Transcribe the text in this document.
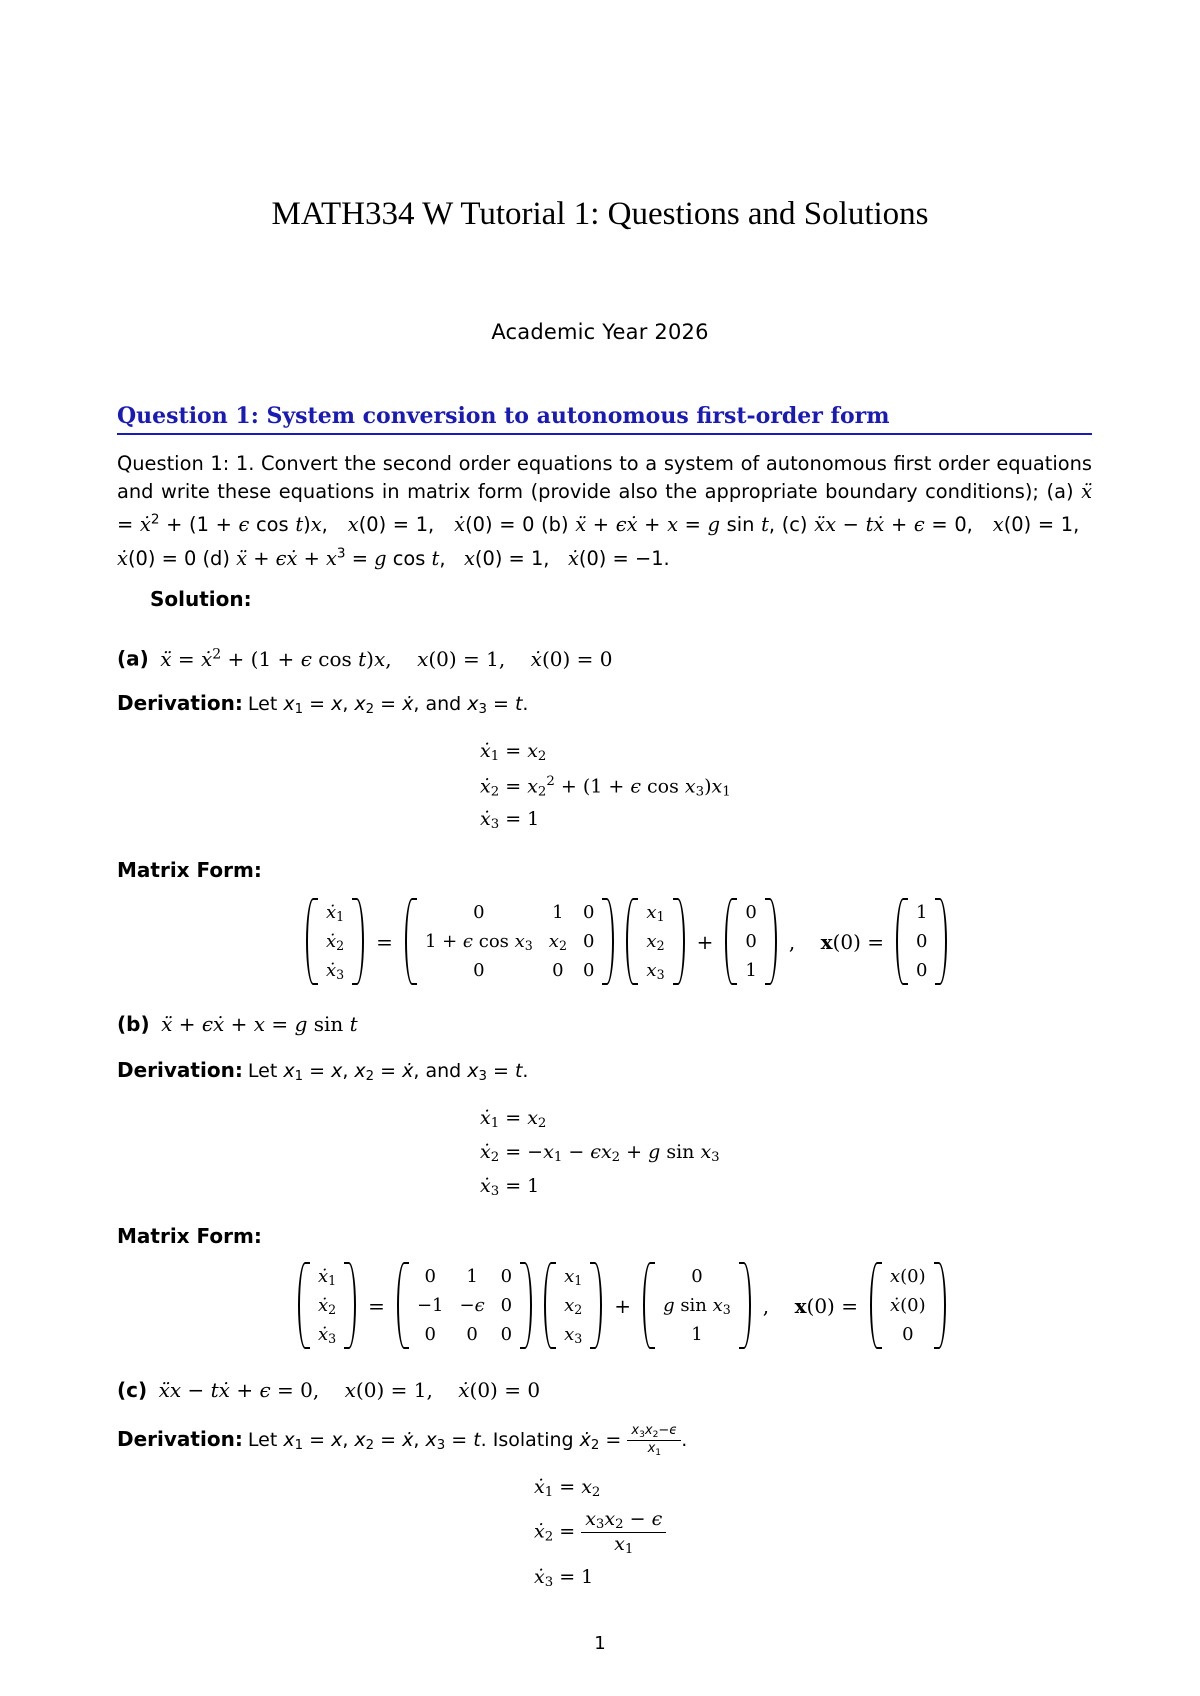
MATH334 W Tutorial 1: Questions and Solutions
Academic Year 2026
Question 1: System conversion to autonomous first-order form
Question 1: 1. Convert the second order equations to a system of autonomous first order equations and write these equations in matrix form (provide also the appropriate boundary conditions); (a) ẍ = ẋ$^2$ + (1 + ϵ cos t)x,   x(0) = 1,   ẋ(0) = 0 (b) ẍ + ϵẋ + x = g sin t, (c) ẍx − tẋ + ϵ = 0,   x(0) = 1,   ẋ(0) = 0 (d) ẍ + ϵẋ + $x^3 = g$ cos t,   x(0) = 1,   ẋ(0) = −1.
Solution:
(a) ẍ = ẋ$^2$ + (1 + ϵ cos t)x,    x(0) = 1,    ẋ(0) = 0
Derivation: Let $x_1 = x$, $x_2$ = ẋ, and $x_3 = t$.
ẋ$_1$ = $x_2$
ẋ$_2$ = $x_2^2 + (1 + \epsilon$ $\cos x_3)x_1$
ẋ$_3$ = 1
Matrix Form:
ẋ$_1$
ẋ$_2$
ẋ$_3$
=
0	1	0
1 + ϵ $\cos x_3$	$x_2$	0
0	0	0
$x_1$
$x_2$
$x_3$
+
0
0
1
,    x(0) =
1
0
0
(b) ẍ + ϵẋ + x = g sin t
Derivation: Let $x_1 = x$, $x_2$ = ẋ, and $x_3 = t$.
ẋ$_1$ = $x_2$
ẋ$_2$ = $-x_1 - \epsilon x_2 + g$ $\sin x_3$
ẋ$_3$ = 1
Matrix Form:
ẋ$_1$
ẋ$_2$
ẋ$_3$
=
0	1	0
−1	−ϵ	0
0	0	0
$x_1$
$x_2$
$x_3$
+
0
g $\sin x_3$
1
,    x(0) =
x(0)
ẋ(0)
0
(c) ẍx − tẋ + ϵ = 0,    x(0) = 1,    ẋ(0) = 0
Derivation: Let $x_1 = x$, $x_2$ = ẋ, $x_3 = t$. Isolating ẋ$_2$ = $\frac{x_3x_2-\epsilon}{x_1}$ .
ẋ$_1$ = $x_2$
ẋ$_2$ = $\frac{x_3x_2 - \epsilon}{x_1}$
ẋ$_3$ = 1
1
